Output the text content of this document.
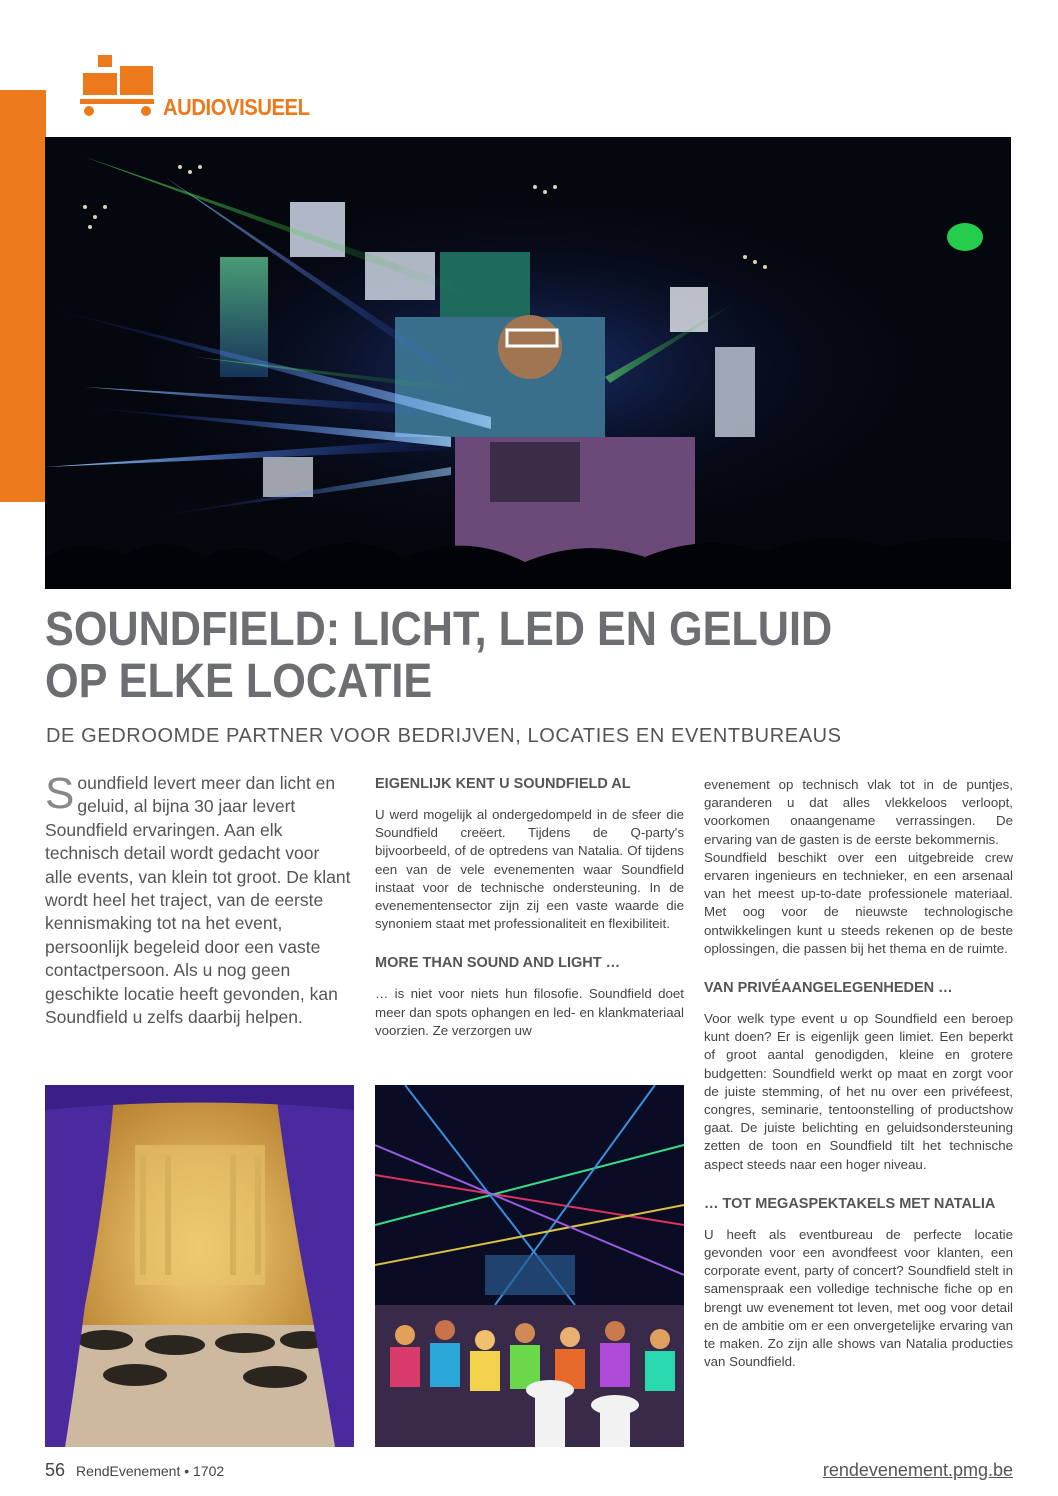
AUDIOVISUEEL
SOUNDFIELD: LICHT, LED EN GELUID
OP ELKE LOCATIE
DE GEDROOMDE PARTNER VOOR BEDRIJVEN, LOCATIES EN EVENTBUREAUS
Soundfield levert meer dan licht en geluid, al bijna 30 jaar levert Soundfield ervaringen. Aan elk technisch detail wordt gedacht voor alle events, van klein tot groot. De klant wordt heel het traject, van de eerste kennismaking tot na het event, persoonlijk begeleid door een vaste contactpersoon. Als u nog geen geschikte locatie heeft gevonden, kan Soundfield u zelfs daarbij helpen.
EIGENLIJK KENT U SOUNDFIELD AL

U werd mogelijk al ondergedompeld in de sfeer die Soundfield creëert. Tijdens de Q-party's bijvoorbeeld, of de optredens van Natalia. Of tijdens een van de vele evenementen waar Soundfield instaat voor de technische ondersteuning. In de evenementensector zijn zij een vaste waarde die synoniem staat met professionaliteit en flexibiliteit.

MORE THAN SOUND AND LIGHT …

… is niet voor niets hun filosofie. Soundfield doet meer dan spots ophangen en led- en klankmateriaal voorzien. Ze verzorgen uw

evenement op technisch vlak tot in de puntjes, garanderen u dat alles vlekkeloos verloopt, voorkomen onaangename verrassingen. De ervaring van de gasten is de eerste bekommernis.

Soundfield beschikt over een uitgebreide crew ervaren ingenieurs en technieker, en een arsenaal van het meest up-to-date professionele materiaal. Met oog voor de nieuwste technologische ontwikkelingen kunt u steeds rekenen op de beste oplossingen, die passen bij het thema en de ruimte.

VAN PRIVÉAANGELEGENHEDEN …

Voor welk type event u op Soundfield een beroep kunt doen? Er is eigenlijk geen limiet. Een beperkt of groot aantal genodigden, kleine en grotere budgetten: Soundfield werkt op maat en zorgt voor de juiste stemming, of het nu over een privéfeest, congres, seminarie, tentoonstelling of productshow gaat. De juiste belichting en geluidsondersteuning zetten de toon en Soundfield tilt het technische aspect steeds naar een hoger niveau.

… TOT MEGASPEKTAKELS MET NATALIA

U heeft als eventbureau de perfecte locatie gevonden voor een avondfeest voor klanten, een corporate event, party of concert? Soundfield stelt in samenspraak een volledige technische fiche op en brengt uw evenement tot leven, met oog voor detail en de ambitie om er een onvergetelijke ervaring van te maken. Zo zijn alle shows van Natalia producties van Soundfield.

56 RendEvenement • 1702	rendevenement.pmg.be
